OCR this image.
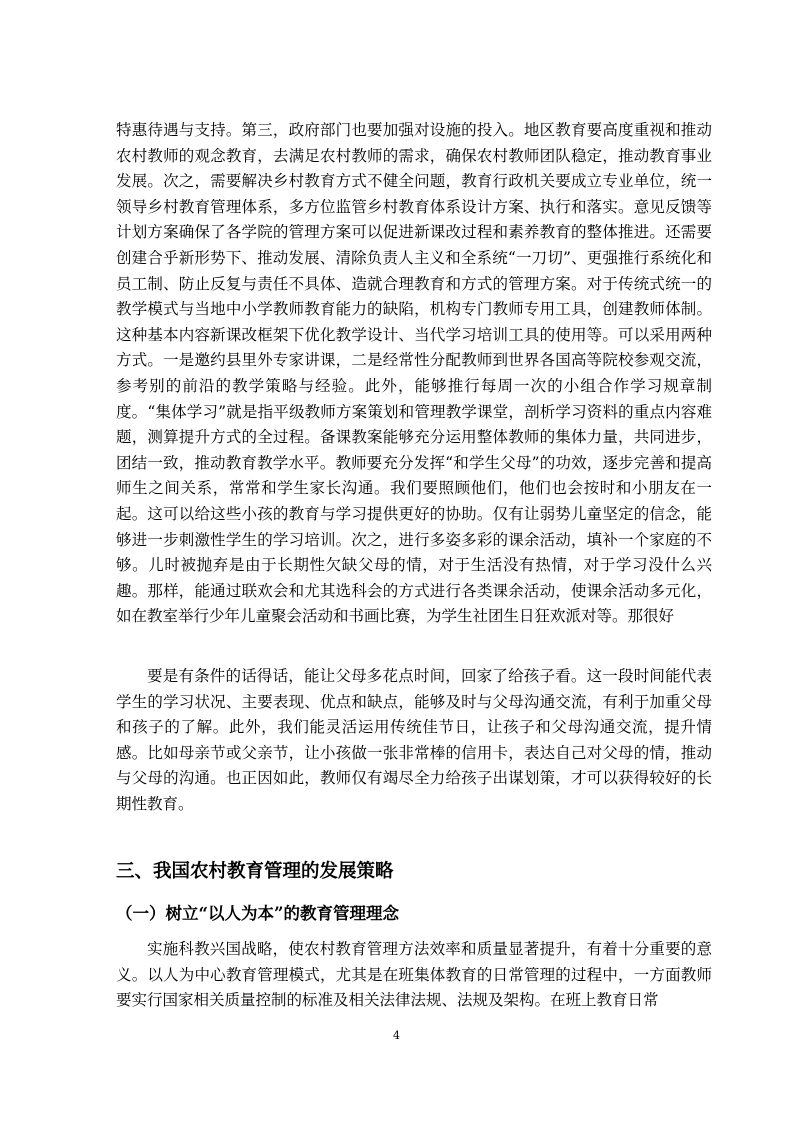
特惠待遇与支持。第三，政府部门也要加强对设施的投入。地区教育要高度重视和推动农村教师的观念教育，去满足农村教师的需求，确保农村教师团队稳定，推动教育事业发展。次之，需要解决乡村教育方式不健全问题，教育行政机关要成立专业单位，统一领导乡村教育管理体系，多方位监管乡村教育体系设计方案、执行和落实。意见反馈等计划方案确保了各学院的管理方案可以促进新课改过程和素养教育的整体推进。还需要创建合乎新形势下、推动发展、清除负责人主义和全系统“一刀切”、更强推行系统化和员工制、防止反复与责任不具体、造就合理教育和方式的管理方案。对于传统式统一的教学模式与当地中小学教师教育能力的缺陷，机构专门教师专用工具，创建教师体制。这种基本内容新课改框架下优化教学设计、当代学习培训工具的使用等。可以采用两种方式。一是邀约县里外专家讲课，二是经常性分配教师到世界各国高等院校参观交流，参考别的前沿的教学策略与经验。此外，能够推行每周一次的小组合作学习规章制度。“集体学习”就是指平级教师方案策划和管理教学课堂，剖析学习资料的重点内容难题，测算提升方式的全过程。备课教案能够充分运用整体教师的集体力量，共同进步，团结一致，推动教育教学水平。教师要充分发挥“和学生父母”的功效，逐步完善和提高师生之间关系，常常和学生家长沟通。我们要照顾他们，他们也会按时和小朋友在一起。这可以给这些小孩的教育与学习提供更好的协助。仅有让弱势儿童坚定的信念，能够进一步刺激性学生的学习培训。次之，进行多姿多彩的课余活动，填补一个家庭的不够。儿时被抛弃是由于长期性欠缺父母的情，对于生活没有热情，对于学习没什么兴趣。那样，能通过联欢会和尤其选科会的方式进行各类课余活动，使课余活动多元化，如在教室举行少年儿童聚会活动和书画比赛，为学生社团生日狂欢派对等。那很好

要是有条件的话得话，能让父母多花点时间，回家了给孩子看。这一段时间能代表学生的学习状况、主要表现、优点和缺点，能够及时与父母沟通交流，有利于加重父母和孩子的了解。此外，我们能灵活运用传统佳节日，让孩子和父母沟通交流，提升情感。比如母亲节或父亲节，让小孩做一张非常棒的信用卡，表达自己对父母的情，推动与父母的沟通。也正因如此，教师仅有竭尽全力给孩子出谋划策，才可以获得较好的长期性教育。

三、我国农村教育管理的发展策略
（一）树立“以人为本”的教育管理理念

实施科教兴国战略，使农村教育管理方法效率和质量显著提升，有着十分重要的意义。以人为中心教育管理模式，尤其是在班集体教育的日常管理的过程中，一方面教师要实行国家相关质量控制的标准及相关法律法规、法规及架构。在班上教育日常

4
